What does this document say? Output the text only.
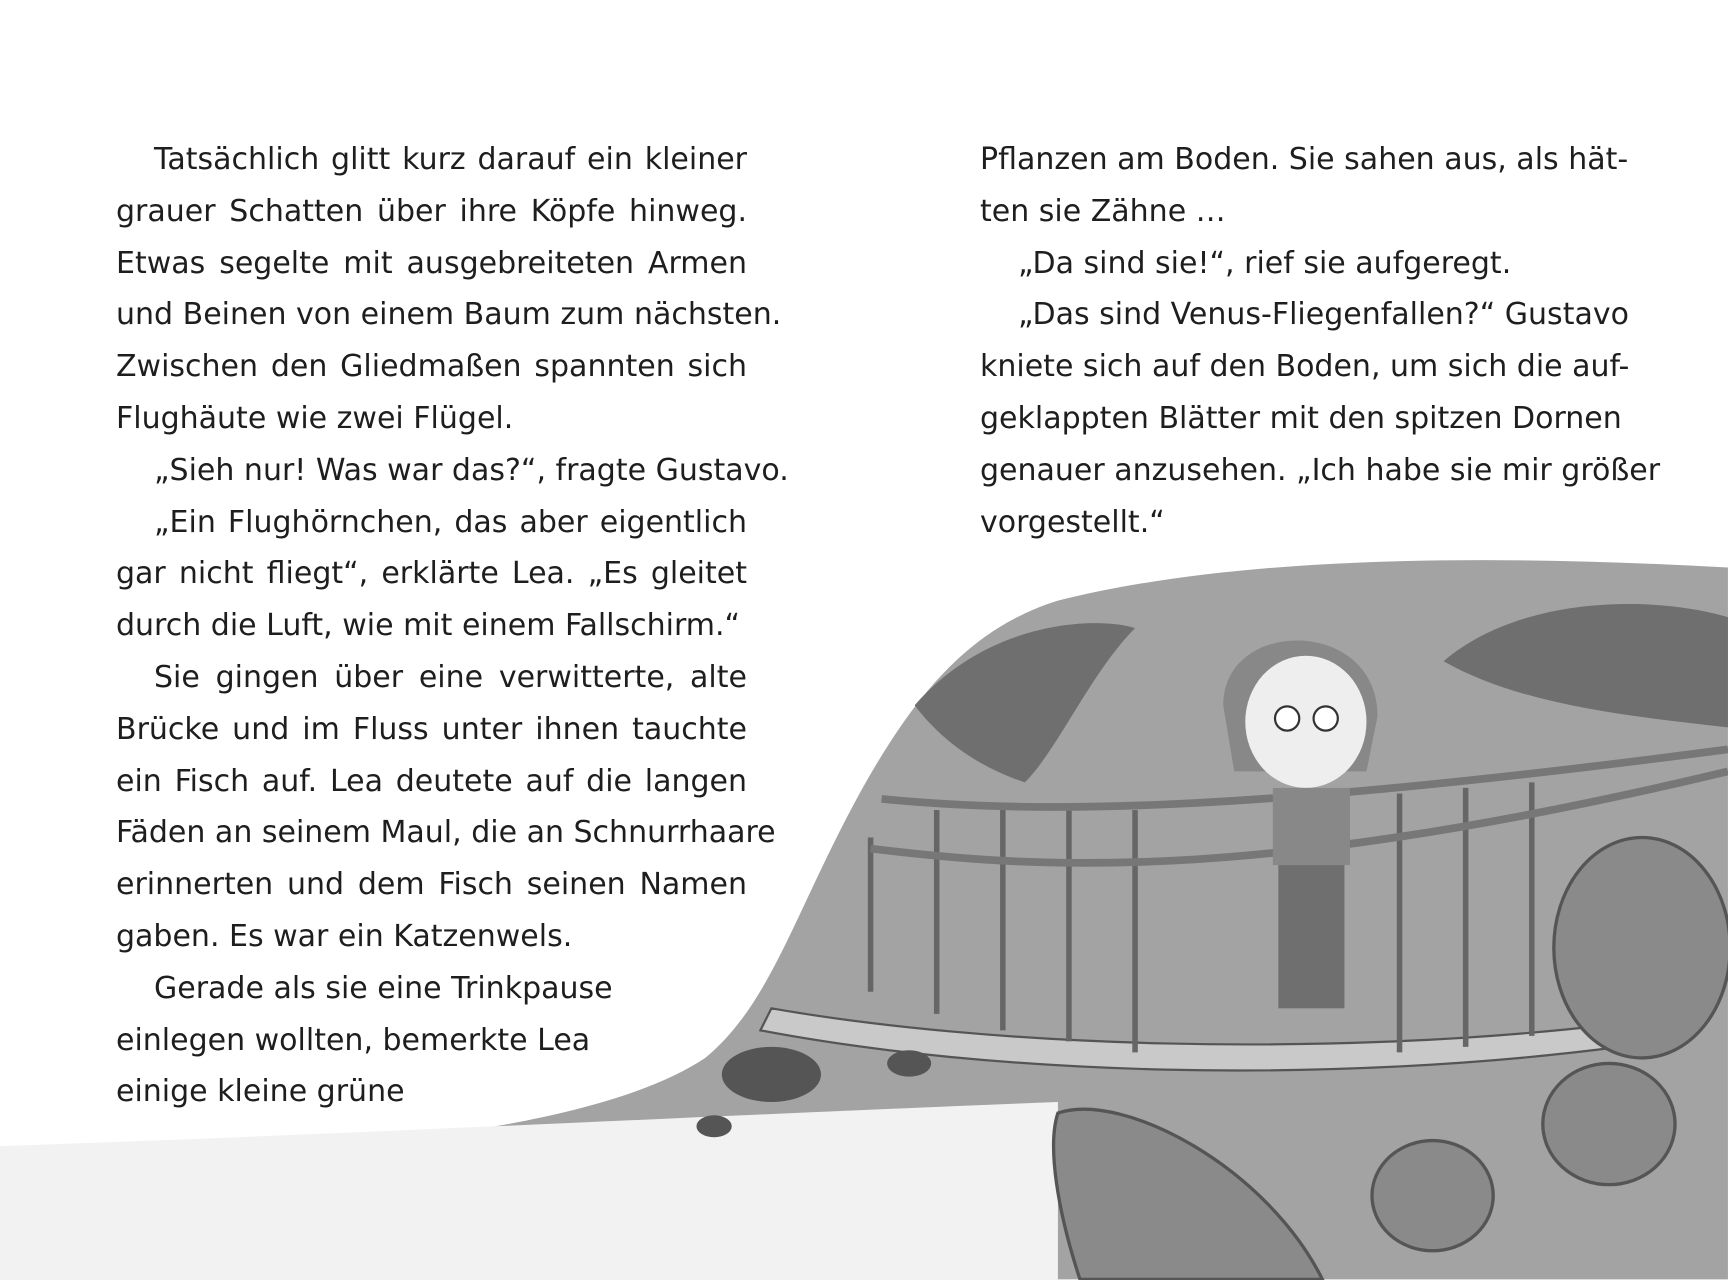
Tatsächlich glitt kurz darauf ein kleiner
grauer Schatten über ihre Köpfe hinweg.
Etwas segelte mit ausgebreiteten Armen
und Beinen von einem Baum zum nächsten.
Zwischen den Gliedmaßen spannten sich
Flughäute wie zwei Flügel.
„Sieh nur! Was war das?“, fragte Gustavo.
„Ein Flughörnchen, das aber eigentlich
gar nicht fliegt“, erklärte Lea. „Es gleitet
durch die Luft, wie mit einem Fallschirm.“
Sie gingen über eine verwitterte, alte
Brücke und im Fluss unter ihnen tauchte
ein Fisch auf. Lea deutete auf die langen
Fäden an seinem Maul, die an Schnurrhaare
erinnerten und dem Fisch seinen Namen
gaben. Es war ein Katzenwels.
Gerade als sie eine Trinkpause
einlegen wollten, bemerkte Lea
einige kleine grüne
Pflanzen am Boden. Sie sahen aus, als hät-
ten sie Zähne …
„Da sind sie!“, rief sie aufgeregt.
„Das sind Venus-Fliegenfallen?“ Gustavo
kniete sich auf den Boden, um sich die auf-
geklappten Blätter mit den spitzen Dornen
genauer anzusehen. „Ich habe sie mir größer
vorgestellt.“
